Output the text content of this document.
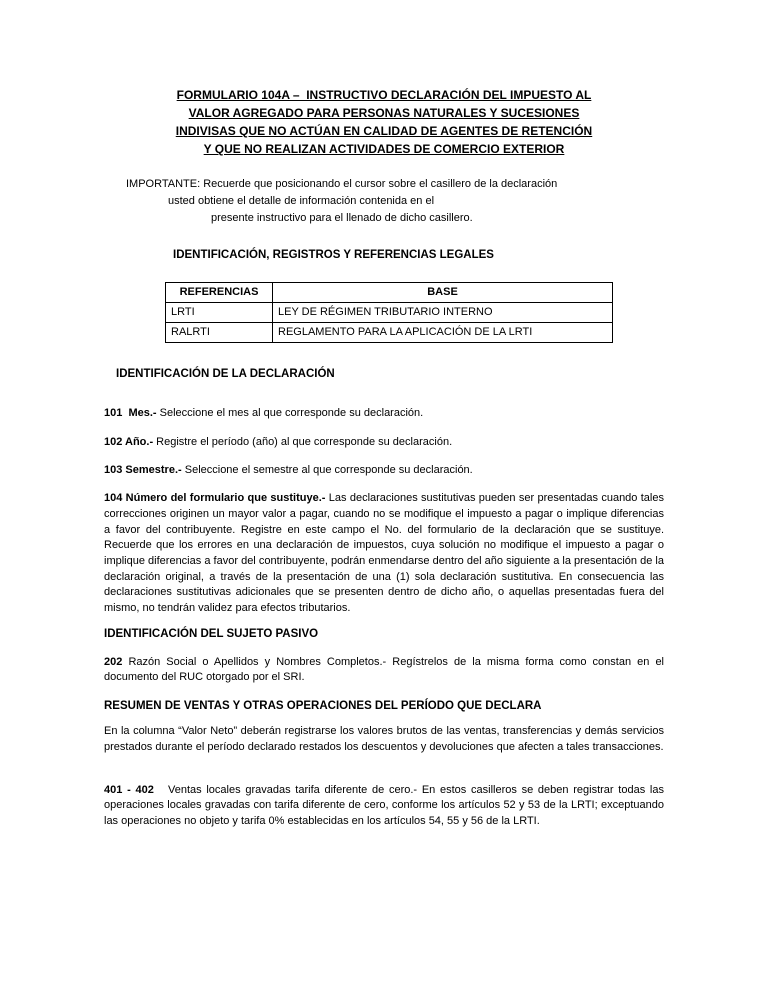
FORMULARIO 104A –  INSTRUCTIVO DECLARACIÓN DEL IMPUESTO AL
VALOR AGREGADO PARA PERSONAS NATURALES Y SUCESIONES
INDIVISAS QUE NO ACTÚAN EN CALIDAD DE AGENTES DE RETENCIÓN
Y QUE NO REALIZAN ACTIVIDADES DE COMERCIO EXTERIOR
IMPORTANTE: Recuerde que posicionando el cursor sobre el casillero de la declaración
usted obtiene el detalle de información contenida en el
presente instructivo para el llenado de dicho casillero.
IDENTIFICACIÓN, REGISTROS Y REFERENCIAS LEGALES
REFERENCIAS	BASE
LRTI	LEY DE RÉGIMEN TRIBUTARIO INTERNO
RALRTI	REGLAMENTO PARA LA APLICACIÓN DE LA LRTI
IDENTIFICACIÓN DE LA DECLARACIÓN

101  Mes.- Seleccione el mes al que corresponde su declaración.

102 Año.- Registre el período (año) al que corresponde su declaración.

103 Semestre.- Seleccione el semestre al que corresponde su declaración.

104 Número del formulario que sustituye.- Las declaraciones sustitutivas pueden ser presentadas cuando tales correcciones originen un mayor valor a pagar, cuando no se modifique el impuesto a pagar o implique diferencias a favor del contribuyente. Registre en este campo el No. del formulario de la declaración que se sustituye. Recuerde que los errores en una declaración de impuestos, cuya solución no modifique el impuesto a pagar o implique diferencias a favor del contribuyente, podrán enmendarse dentro del año siguiente a la presentación de la declaración original, a través de la presentación de una (1) sola declaración sustitutiva. En consecuencia las declaraciones sustitutivas adicionales que se presenten dentro de dicho año, o aquellas presentadas fuera del mismo, no tendrán validez para efectos tributarios.

IDENTIFICACIÓN DEL SUJETO PASIVO

202 Razón Social o Apellidos y Nombres Completos.- Regístrelos de la misma forma como constan en el documento del RUC otorgado por el SRI.

RESUMEN DE VENTAS Y OTRAS OPERACIONES DEL PERÍODO QUE DECLARA

En la columna “Valor Neto” deberán registrarse los valores brutos de las ventas, transferencias y demás servicios prestados durante el período declarado restados los descuentos y devoluciones que afecten a tales transacciones.

401 - 402   Ventas locales gravadas tarifa diferente de cero.- En estos casilleros se deben registrar todas las operaciones locales gravadas con tarifa diferente de cero, conforme los artículos 52 y 53 de la LRTI; exceptuando las operaciones no objeto y tarifa 0% establecidas en los artículos 54, 55 y 56 de la LRTI.
